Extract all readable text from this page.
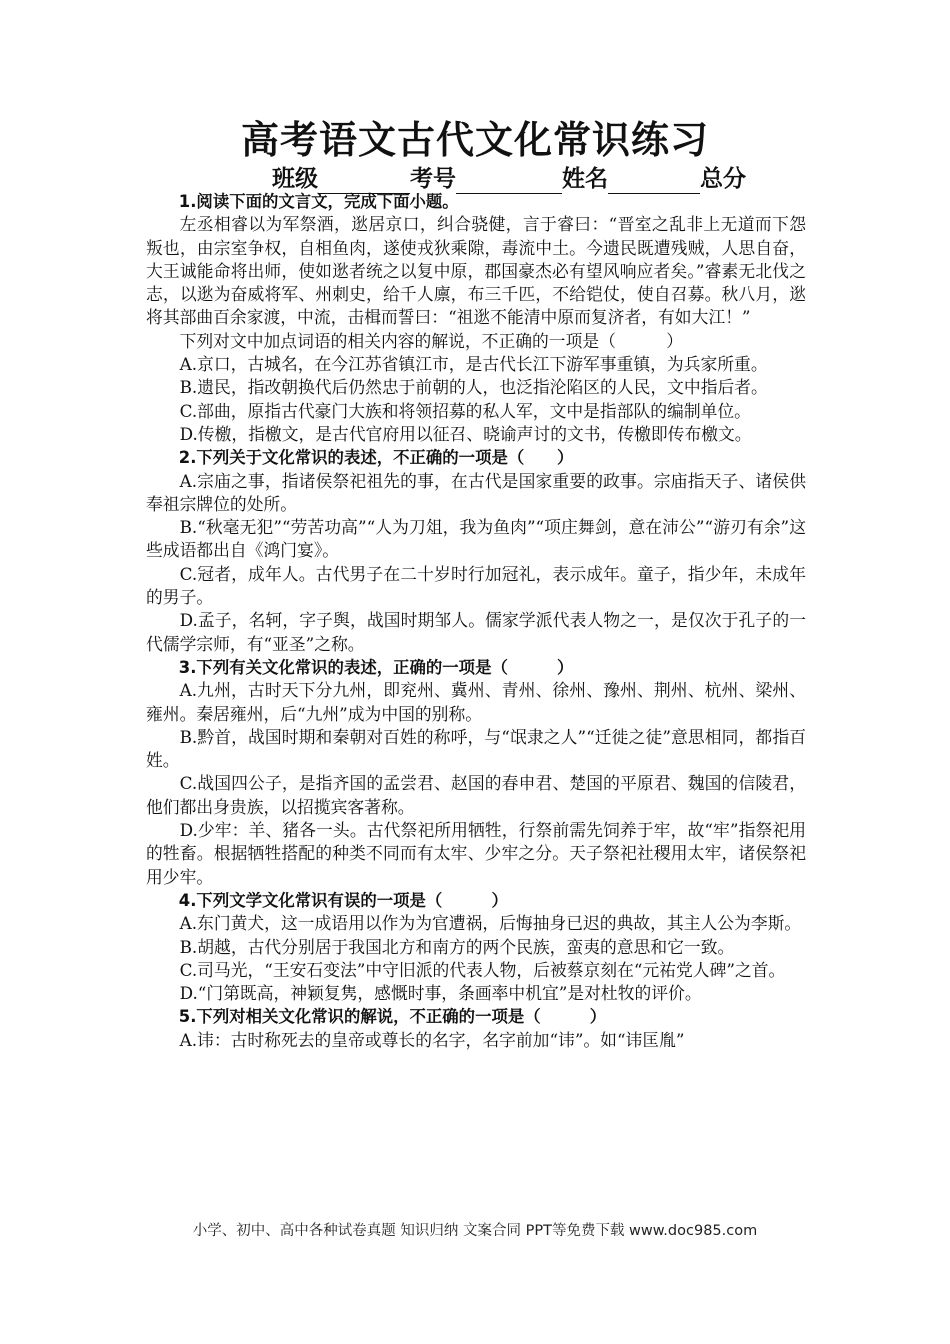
高考语文古代文化常识练习
班级	考号	姓名	总分

1.阅读下面的文言文，完成下面小题。

左丞相睿以为军祭酒，逖居京口，纠合骁健，言于睿曰：“晋室之乱非上无道而下怨叛也，由宗室争权，自相鱼肉，遂使戎狄乘隙，毒流中土。今遗民既遭残贼，人思自奋，大王诚能命将出师，使如逖者统之以复中原，郡国豪杰必有望风响应者矣。”睿素无北伐之志，以逖为奋威将军、州刺史，给千人廪，布三千匹，不给铠仗，使自召募。秋八月，逖将其部曲百余家渡，中流，击楫而誓曰：“祖逖不能清中原而复济者，有如大江！”

下列对文中加点词语的相关内容的解说，不正确的一项是（　　　）

A.京口，古城名，在今江苏省镇江市，是古代长江下游军事重镇，为兵家所重。

B.遗民，指改朝换代后仍然忠于前朝的人，也泛指沦陷区的人民，文中指后者。

C.部曲，原指古代豪门大族和将领招募的私人军，文中是指部队的编制单位。

D.传檄，指檄文，是古代官府用以征召、晓谕声讨的文书，传檄即传布檄文。

2.下列关于文化常识的表述，不正确的一项是（　　）

A.宗庙之事，指诸侯祭祀祖先的事，在古代是国家重要的政事。宗庙指天子、诸侯供奉祖宗牌位的处所。

B.“秋毫无犯”“劳苦功高”“人为刀俎，我为鱼肉”“项庄舞剑，意在沛公”“游刃有余”这些成语都出自《鸿门宴》。

C.冠者，成年人。古代男子在二十岁时行加冠礼，表示成年。童子，指少年，未成年的男子。

D.孟子，名轲，字子舆，战国时期邹人。儒家学派代表人物之一，是仅次于孔子的一代儒学宗师，有“亚圣”之称。

3.下列有关文化常识的表述，正确的一项是（　　　）

A.九州，古时天下分九州，即兖州、冀州、青州、徐州、豫州、荆州、杭州、梁州、雍州。秦居雍州，后“九州”成为中国的别称。

B.黔首，战国时期和秦朝对百姓的称呼，与“氓隶之人”“迁徙之徒”意思相同，都指百姓。

C.战国四公子，是指齐国的孟尝君、赵国的春申君、楚国的平原君、魏国的信陵君，他们都出身贵族，以招揽宾客著称。

D.少牢：羊、猪各一头。古代祭祀所用牺牲，行祭前需先饲养于牢，故“牢”指祭祀用的牲畜。根据牺牲搭配的种类不同而有太牢、少牢之分。天子祭祀社稷用太牢，诸侯祭祀用少牢。

4.下列文学文化常识有误的一项是（　　　）

A.东门黄犬，这一成语用以作为为官遭祸，后悔抽身已迟的典故，其主人公为李斯。

B.胡越，古代分别居于我国北方和南方的两个民族，蛮夷的意思和它一致。

C.司马光，“王安石变法”中守旧派的代表人物，后被蔡京刻在“元祐党人碑”之首。

D.“门第既高，神颖复隽，感慨时事，条画率中机宜”是对杜牧的评价。

5.下列对相关文化常识的解说，不正确的一项是（　　　）

A.讳：古时称死去的皇帝或尊长的名字，名字前加“讳”。如“讳匡胤”

小学、初中、高中各种试卷真题 知识归纳 文案合同 PPT等免费下载 www.doc985.com
